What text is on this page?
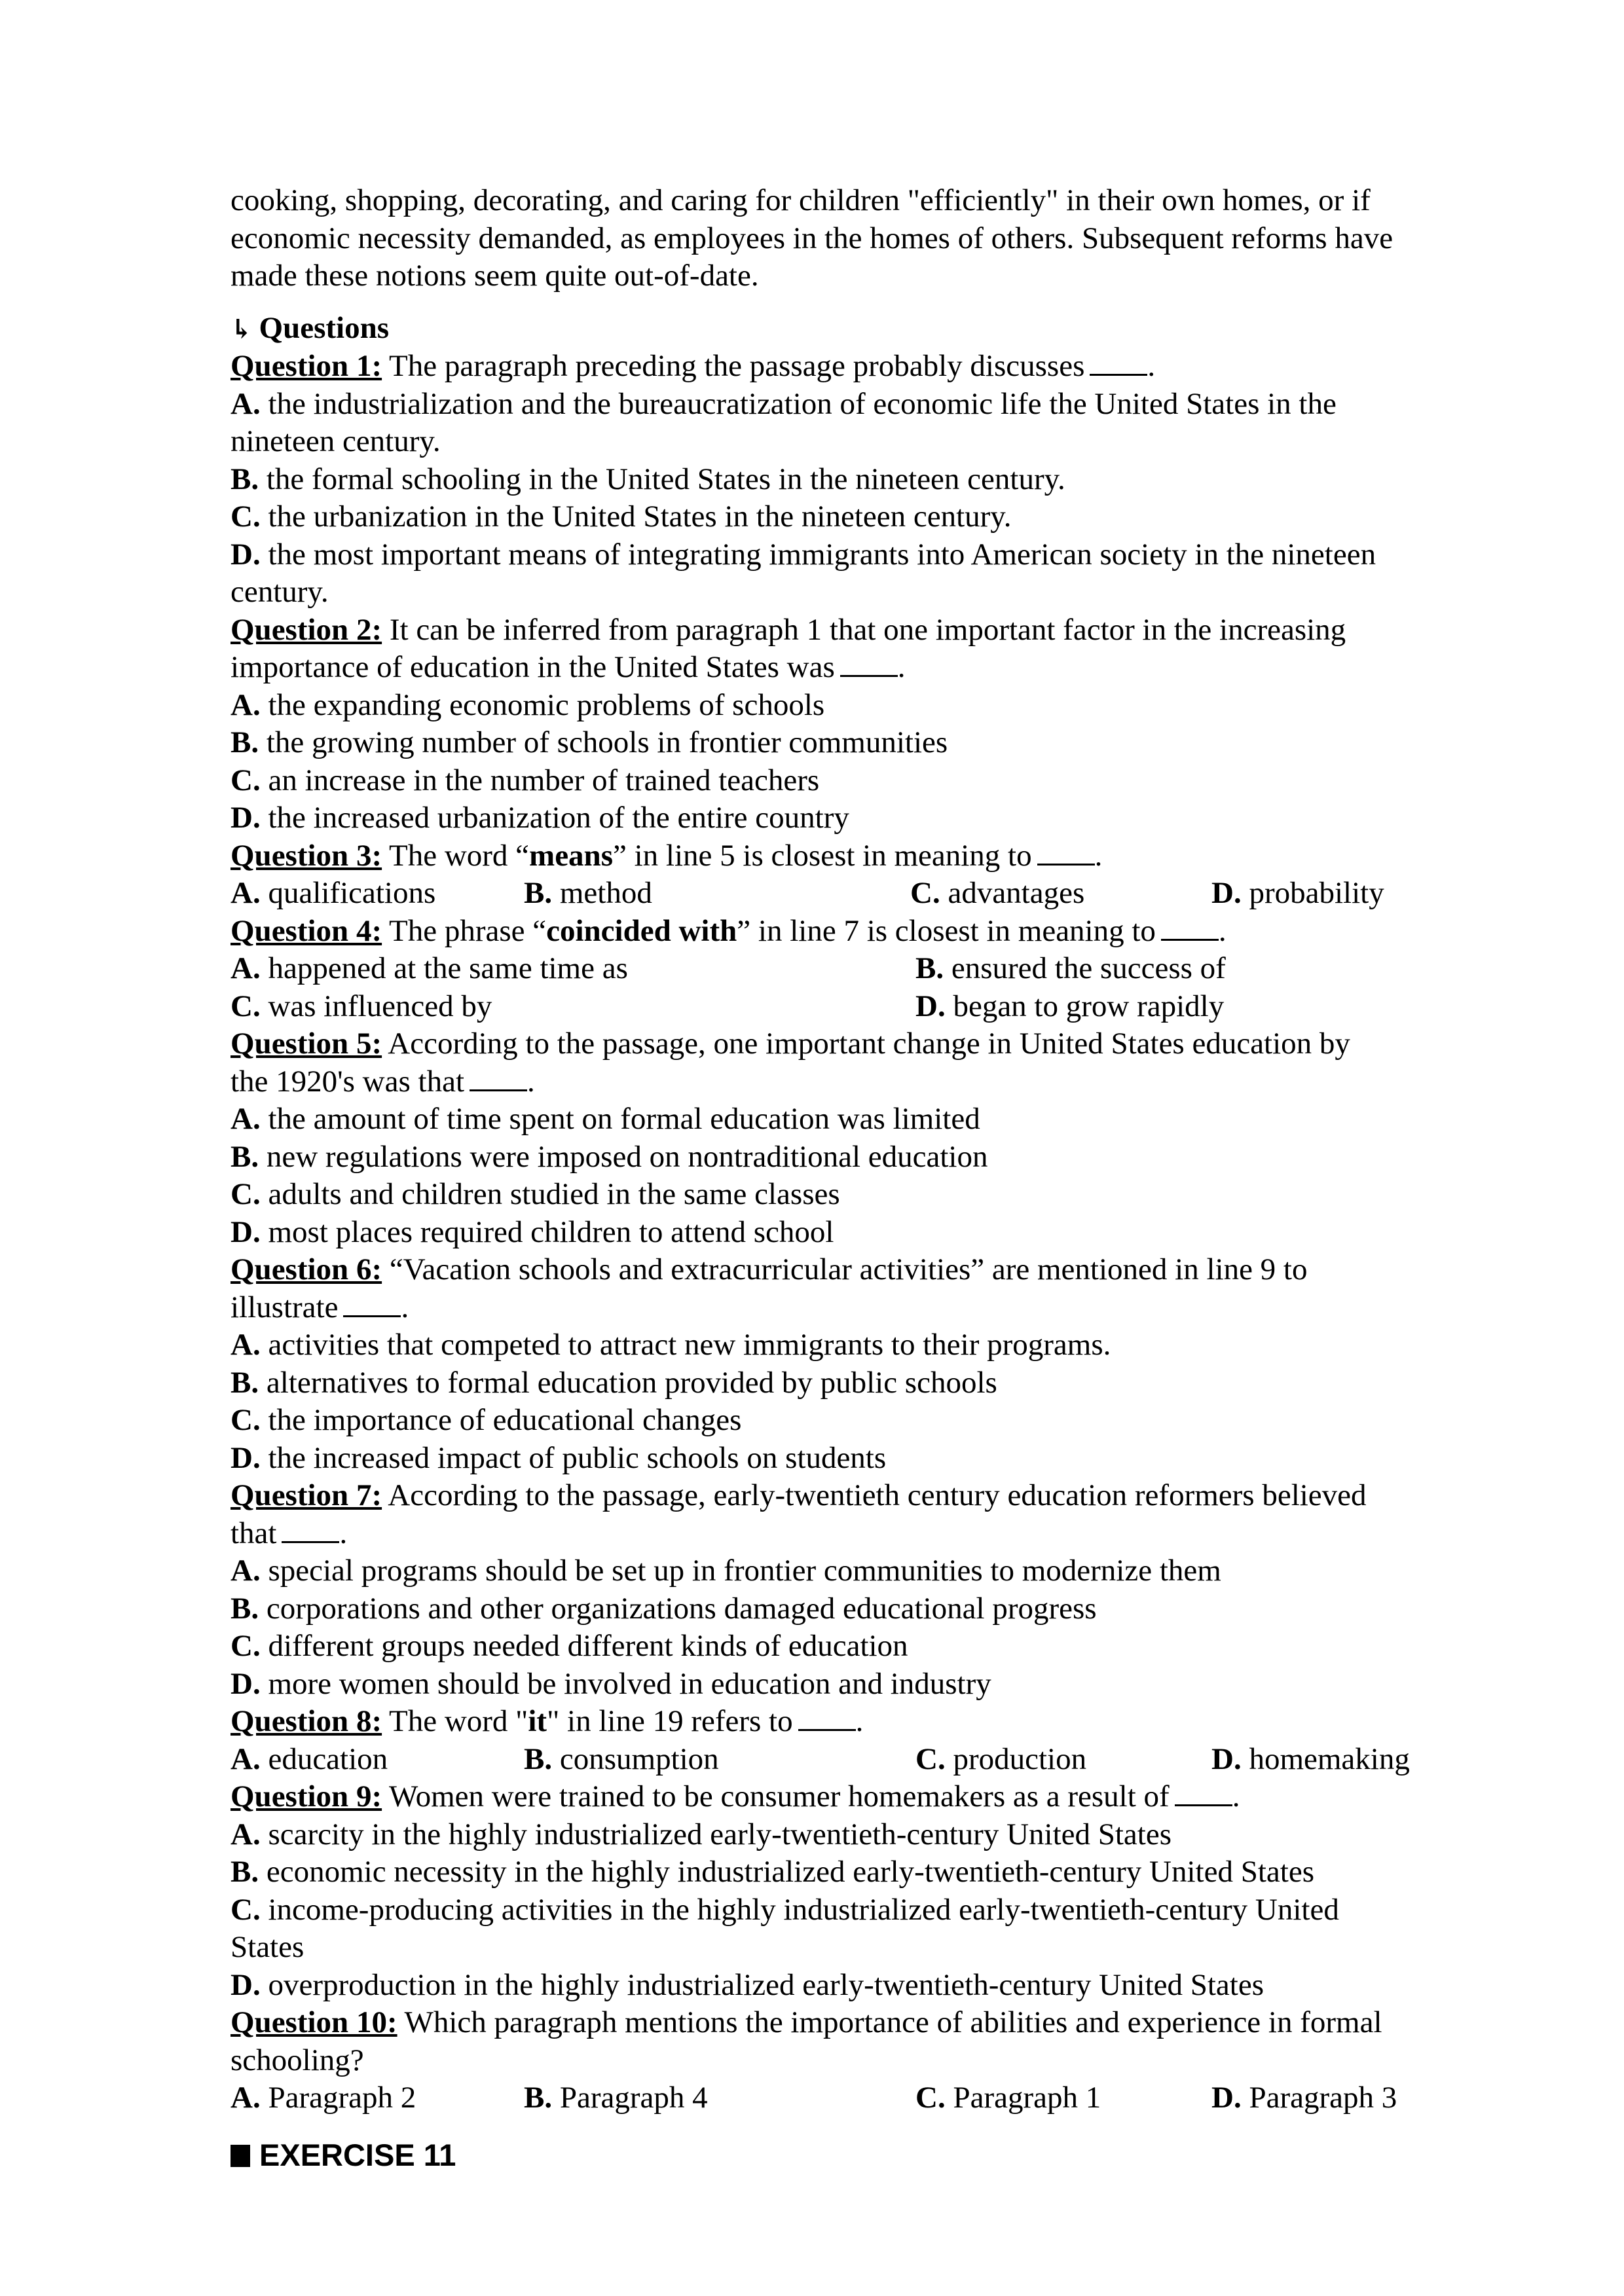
cooking, shopping, decorating, and caring for children "efficiently" in their own homes, or if
economic necessity demanded, as employees in the homes of others. Subsequent reforms have
made these notions seem quite out-of-date.
↳ Questions
Question 1: The paragraph preceding the passage probably discusses .
A. the industrialization and the bureaucratization of economic life the United States in the
nineteen century.
B. the formal schooling in the United States in the nineteen century.
C. the urbanization in the United States in the nineteen century.
D. the most important means of integrating immigrants into American society in the nineteen
century.
Question 2: It can be inferred from paragraph 1 that one important factor in the increasing
importance of education in the United States was .
A. the expanding economic problems of schools
B. the growing number of schools in frontier communities
C. an increase in the number of trained teachers
D. the increased urbanization of the entire country
Question 3: The word “means” in line 5 is closest in meaning to .
A. qualifications	B. method	C. advantages	D. probability
Question 4: The phrase “coincided with” in line 7 is closest in meaning to .
A. happened at the same time as	B. ensured the success of
C. was influenced by	D. began to grow rapidly
Question 5: According to the passage, one important change in United States education by
the 1920's was that .
A. the amount of time spent on formal education was limited
B. new regulations were imposed on nontraditional education
C. adults and children studied in the same classes
D. most places required children to attend school
Question 6: “Vacation schools and extracurricular activities” are mentioned in line 9 to
illustrate .
A. activities that competed to attract new immigrants to their programs.
B. alternatives to formal education provided by public schools
C. the importance of educational changes
D. the increased impact of public schools on students
Question 7: According to the passage, early-twentieth century education reformers believed
that .
A. special programs should be set up in frontier communities to modernize them
B. corporations and other organizations damaged educational progress
C. different groups needed different kinds of education
D. more women should be involved in education and industry
Question 8: The word "it" in line 19 refers to .
A. education	B. consumption	C. production	D. homemaking
Question 9: Women were trained to be consumer homemakers as a result of .
A. scarcity in the highly industrialized early-twentieth-century United States
B. economic necessity in the highly industrialized early-twentieth-century United States
C. income-producing activities in the highly industrialized early-twentieth-century United
States
D. overproduction in the highly industrialized early-twentieth-century United States
Question 10: Which paragraph mentions the importance of abilities and experience in formal
schooling?
A. Paragraph 2	B. Paragraph 4	C. Paragraph 1	D. Paragraph 3
EXERCISE 11
